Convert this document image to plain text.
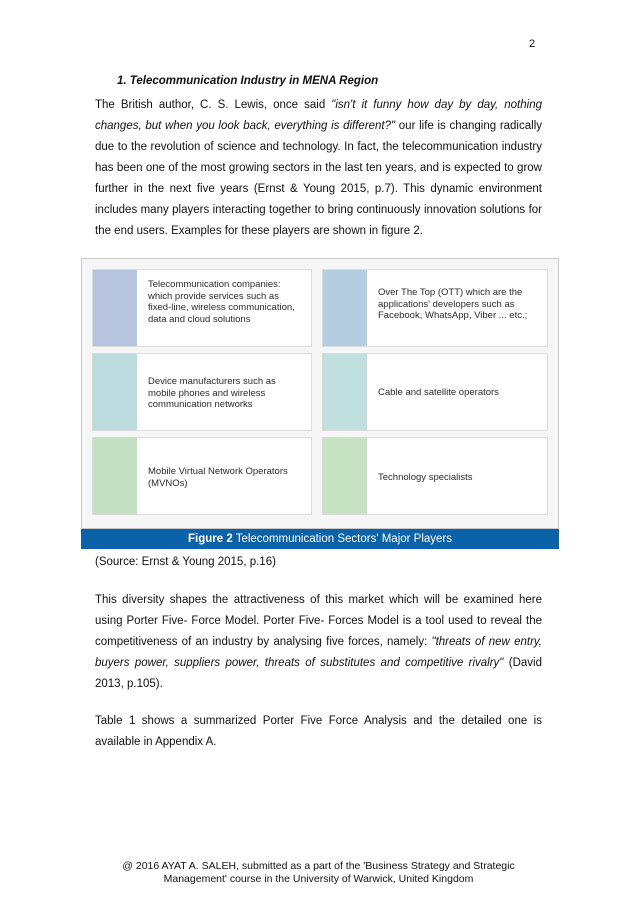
2
1. Telecommunication Industry in MENA Region

The British author, C. S. Lewis, once said "isn't it funny how day by day, nothing changes, but when you look back, everything is different?" our life is changing radically due to the revolution of science and technology. In fact, the telecommunication industry has been one of the most growing sectors in the last ten years, and is expected to grow further in the next five years (Ernst & Young 2015, p.7). This dynamic environment includes many players interacting together to bring continuously innovation solutions for the end users. Examples for these players are shown in figure 2.

Telecommunication companies: which provide services such as fixed-line, wireless communication, data and cloud solutions
Over The Top (OTT) which are the applications' developers such as Facebook, WhatsApp, Viber ... etc.;
Device manufacturers such as mobile phones and wireless communication networks
Cable and satellite operators
Mobile Virtual Network Operators (MVNOs)	Technology specialists
Figure 2 Telecommunication Sectors' Major Players
(Source: Ernst & Young 2015, p.16)

This diversity shapes the attractiveness of this market which will be examined here using Porter Five- Force Model. Porter Five- Forces Model is a tool used to reveal the competitiveness of an industry by analysing five forces, namely: "threats of new entry, buyers power, suppliers power, threats of substitutes and competitive rivalry" (David 2013, p.105).

Table 1 shows a summarized Porter Five Force Analysis and the detailed one is available in Appendix A.

@ 2016 AYAT A. SALEH, submitted as a part of the 'Business Strategy and Strategic
Management' course in the University of Warwick, United Kingdom
